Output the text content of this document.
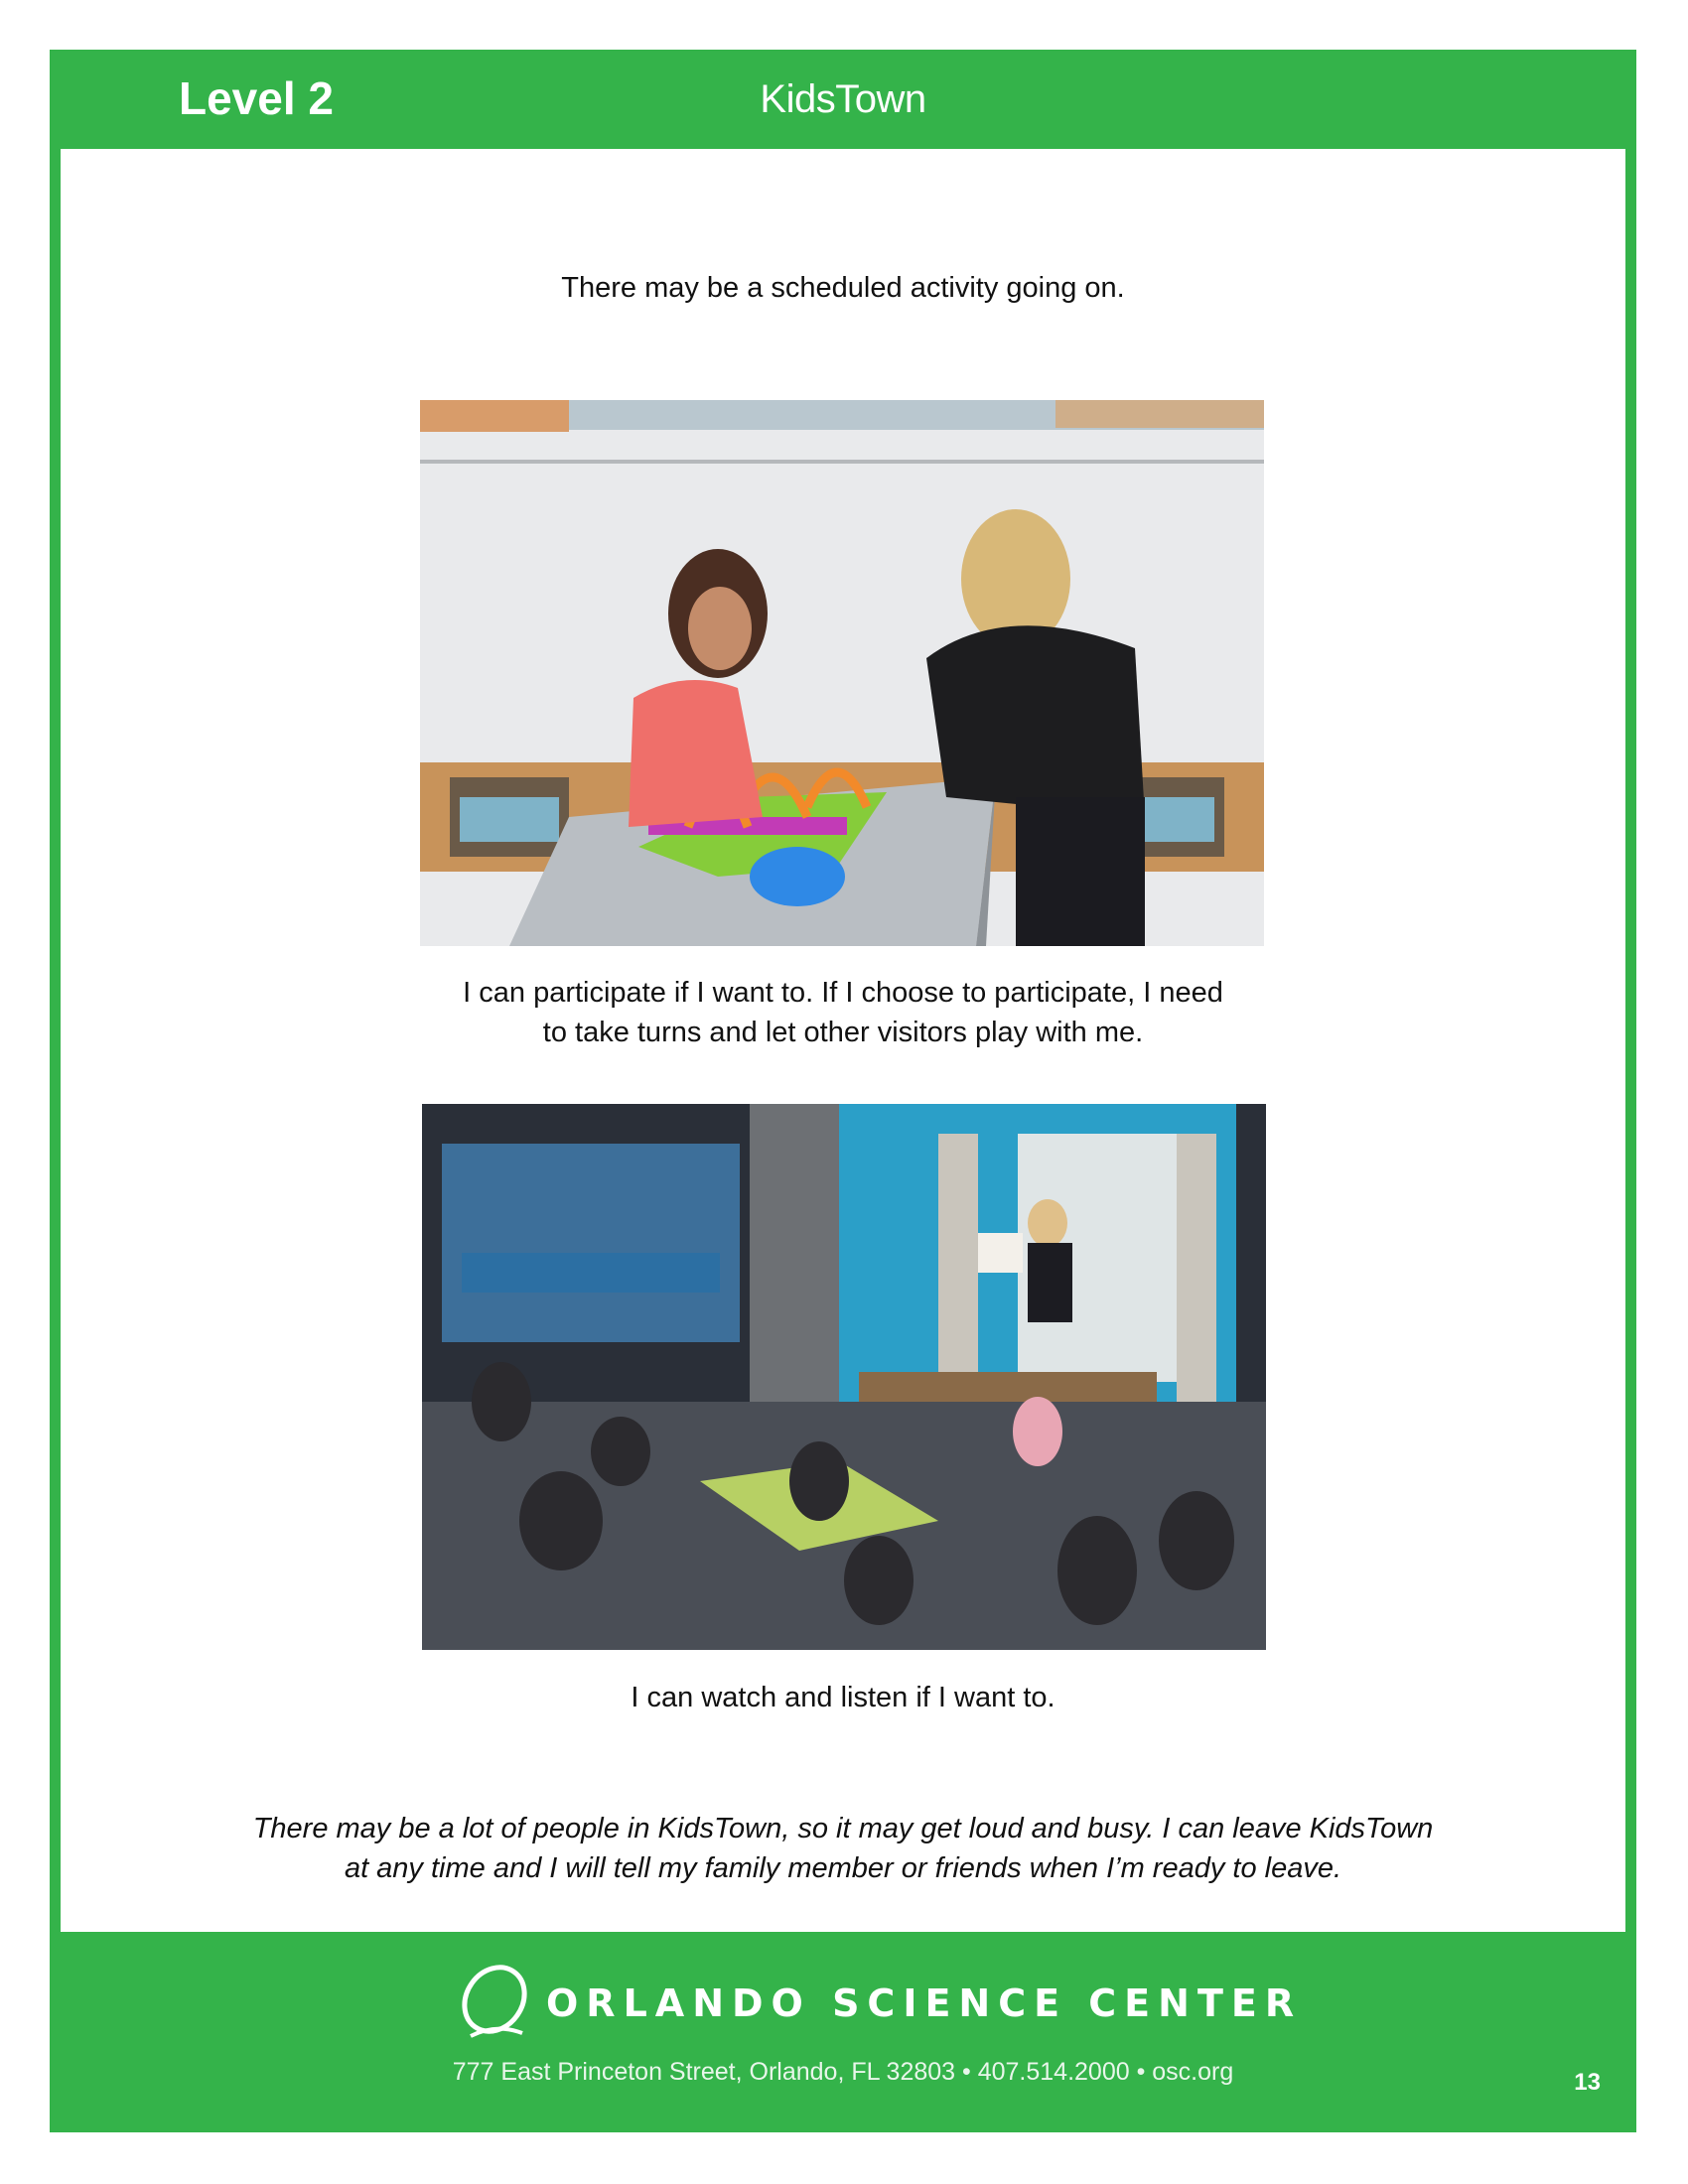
Level 2	KidsTown
There may be a scheduled activity going on.
I can participate if I want to. If I choose to participate, I need
to take turns and let other visitors play with me.
I can watch and listen if I want to.
There may be a lot of people in KidsTown, so it may get loud and busy. I can leave KidsTown
at any time and I will tell my family member or friends when I’m ready to leave.
ORLANDO SCIENCE CENTER
777 East Princeton Street, Orlando, FL 32803 • 407.514.2000 • osc.org	13
